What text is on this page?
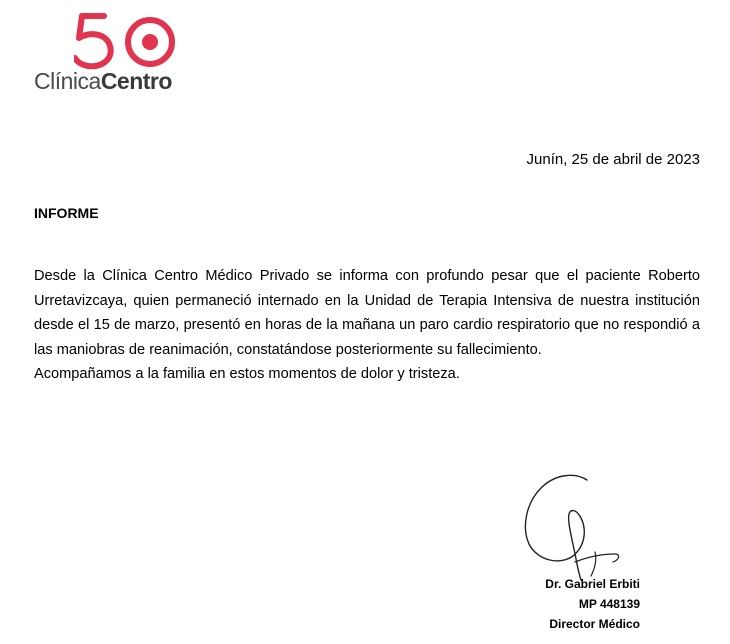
ClínicaCentro
Junín, 25 de abril de 2023
INFORME

Desde la Clínica Centro Médico Privado se informa con profundo pesar que el paciente Roberto Urretavizcaya, quien permaneció internado en la Unidad de Terapia Intensiva de nuestra institución desde el 15 de marzo, presentó en horas de la mañana un paro cardio respiratorio que no respondió a las maniobras de reanimación, constatándose posteriormente su fallecimiento.

Acompañamos a la familia en estos momentos de dolor y tristeza.

Dr. Gabriel Erbiti
MP 448139
Director Médico
